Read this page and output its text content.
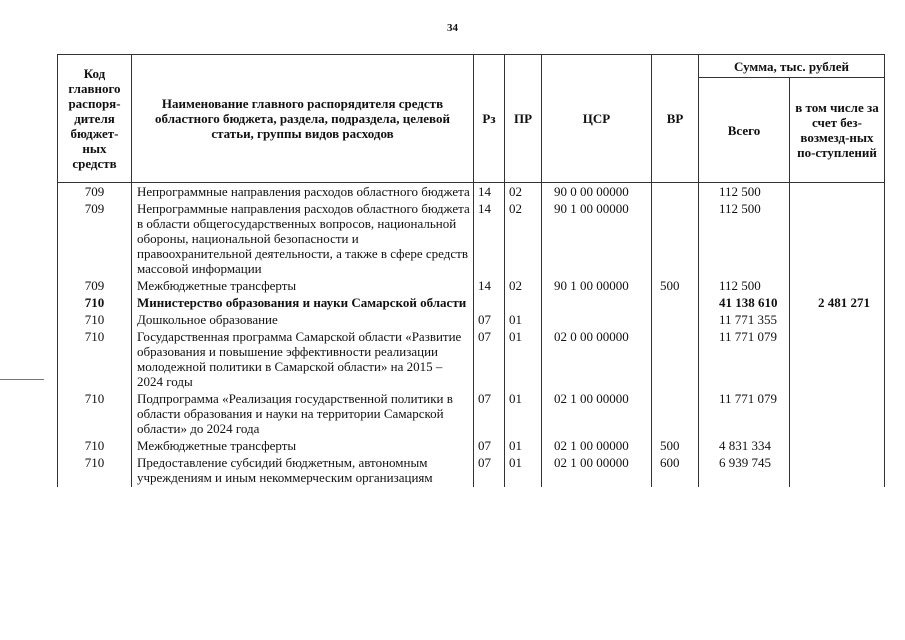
34
Код главного распоря-дителя бюджет-ных средств	Наименование главного распорядителя средств областного бюджета, раздела, подраздела, целевой статьи, группы видов расходов	Рз	ПР	ЦСР	ВР	Сумма, тыс. рублей	
						Всего	в том числе за счет без-возмезд-ных по-ступлений
709	Непрограммные направления расходов областного бюджета	14	02	90 0 00 00000		112 500	
709	Непрограммные направления расходов областного бюджета в области общегосударственных вопросов, национальной обороны, национальной безопасности и правоохранительной деятельности, а также в сфере средств массовой информации	14	02	90 1 00 00000		112 500	
709	Межбюджетные трансферты	14	02	90 1 00 00000	500	112 500	
710	Министерство образования и науки Самарской области					41 138 610	2 481 271
710	Дошкольное образование	07	01			11 771 355	
710	Государственная программа Самарской области «Развитие образования и повышение эффективности реализации молодежной политики в Самарской области» на 2015 – 2024 годы	07	01	02 0 00 00000		11 771 079	
710	Подпрограмма «Реализация государственной политики в области образования и науки на территории Самарской области» до 2024 года	07	01	02 1 00 00000		11 771 079	
710	Межбюджетные трансферты	07	01	02 1 00 00000	500	4 831 334	
710	Предоставление субсидий бюджетным, автономным учреждениям и иным некоммерческим организациям	07	01	02 1 00 00000	600	6 939 745	
